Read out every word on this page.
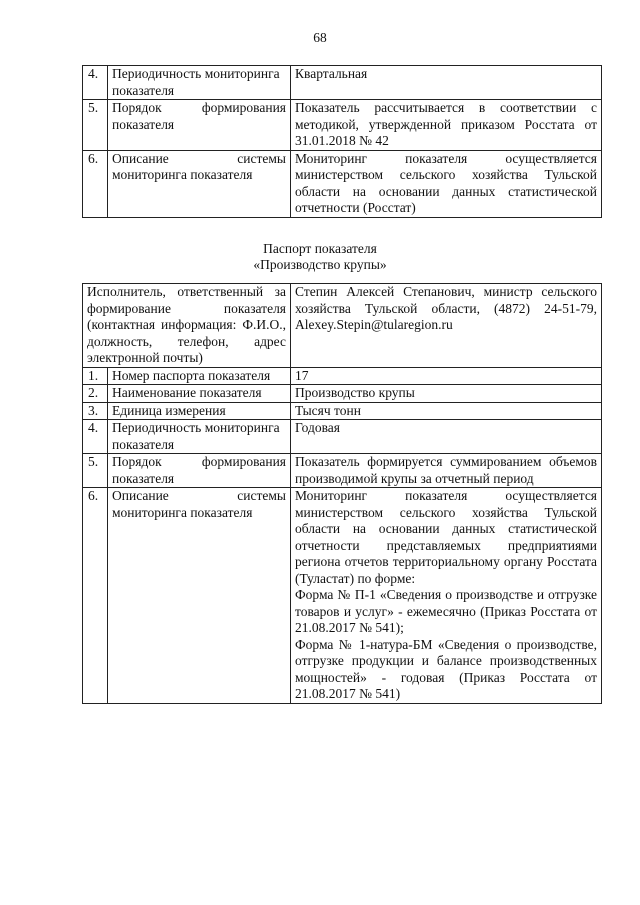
68
4.	Периодичность мониторинга показателя	Квартальная
5.	Порядок формирования показателя	Показатель рассчитывается в соответствии с методикой, утвержденной приказом Росстата от 31.01.2018 № 42
6.	Описание системы мониторинга показателя	Мониторинг показателя осуществляется министерством сельского хозяйства Тульской области на основании данных статистической отчетности (Росстат)
Паспорт показателя
«Производство крупы»
Исполнитель, ответственный за формирование показателя (контактная информация: Ф.И.О., должность, телефон, адрес электронной почты)		Степин Алексей Степанович, министр сельского хозяйства Тульской области, (4872) 24-51-79, Alexey.Stepin@tularegion.ru
1.	Номер паспорта показателя	17
2.	Наименование показателя	Производство крупы
3.	Единица измерения	Тысяч тонн
4.	Периодичность мониторинга показателя	Годовая
5.	Порядок формирования показателя	Показатель формируется суммированием объемов производимой крупы за отчетный период
6.	Описание системы мониторинга показателя	Мониторинг показателя осуществляется министерством сельского хозяйства Тульской области на основании данных статистической отчетности представляемых предприятиями региона отчетов территориальному органу Росстата (Туластат) по форме:
Форма № П-1 «Сведения о производстве и отгрузке товаров и услуг» - ежемесячно (Приказ Росстата от 21.08.2017 № 541);
Форма № 1-натура-БМ «Сведения о производстве, отгрузке продукции и балансе производственных мощностей» - годовая (Приказ Росстата от 21.08.2017 № 541)
